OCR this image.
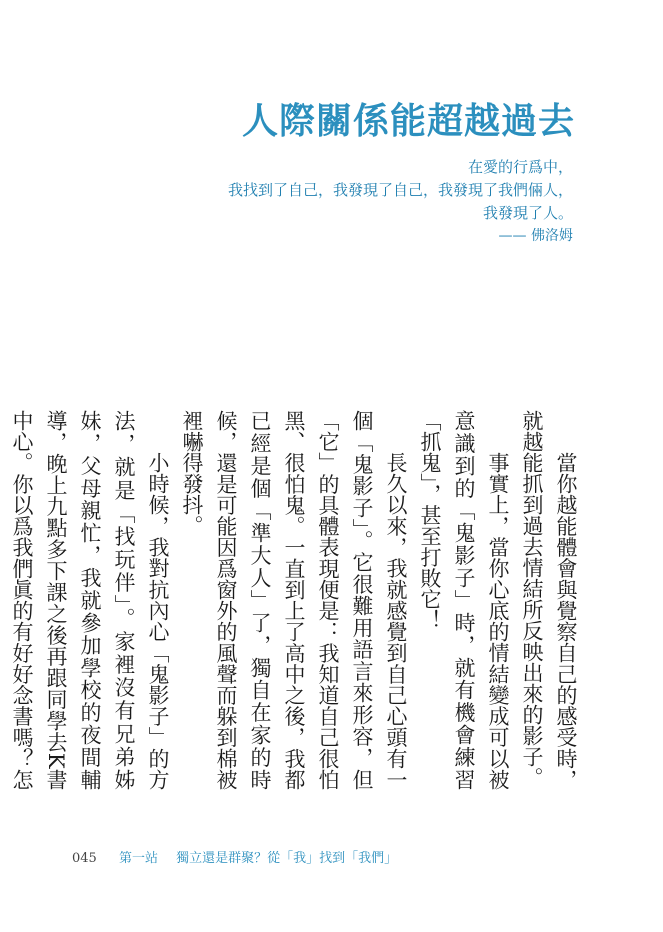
人際關係能超越過去
在愛的行爲中，
我找到了自己，我發現了自己，我發現了我們倆人，
我發現了人。
—— 佛洛姆

當你越能體會與覺察自己的感受時，就越能抓到過去情結所反映出來的影子。

事實上，當你心底的情結變成可以被意識到的「鬼影子」時，就有機會練習「抓鬼」，甚至打敗它！

長久以來，我就感覺到自己心頭有一個「鬼影子」。它很難用語言來形容，但「它」的具體表現便是：我知道自己很怕黑、很怕鬼。一直到上了高中之後，我都已經是個「準大人」了，獨自在家的時候，還是可能因爲窗外的風聲而躲到棉被裡嚇得發抖。

小時候，我對抗內心「鬼影子」的方法，就是「找玩伴」。家裡沒有兄弟姊妹，父母親忙，我就參加學校的夜間輔導，晚上九點多下課之後再跟同學去K書中心。你以爲我們眞的有好好念書嗎？怎

045 第一站 獨立還是群聚？從「我」找到「我們」
